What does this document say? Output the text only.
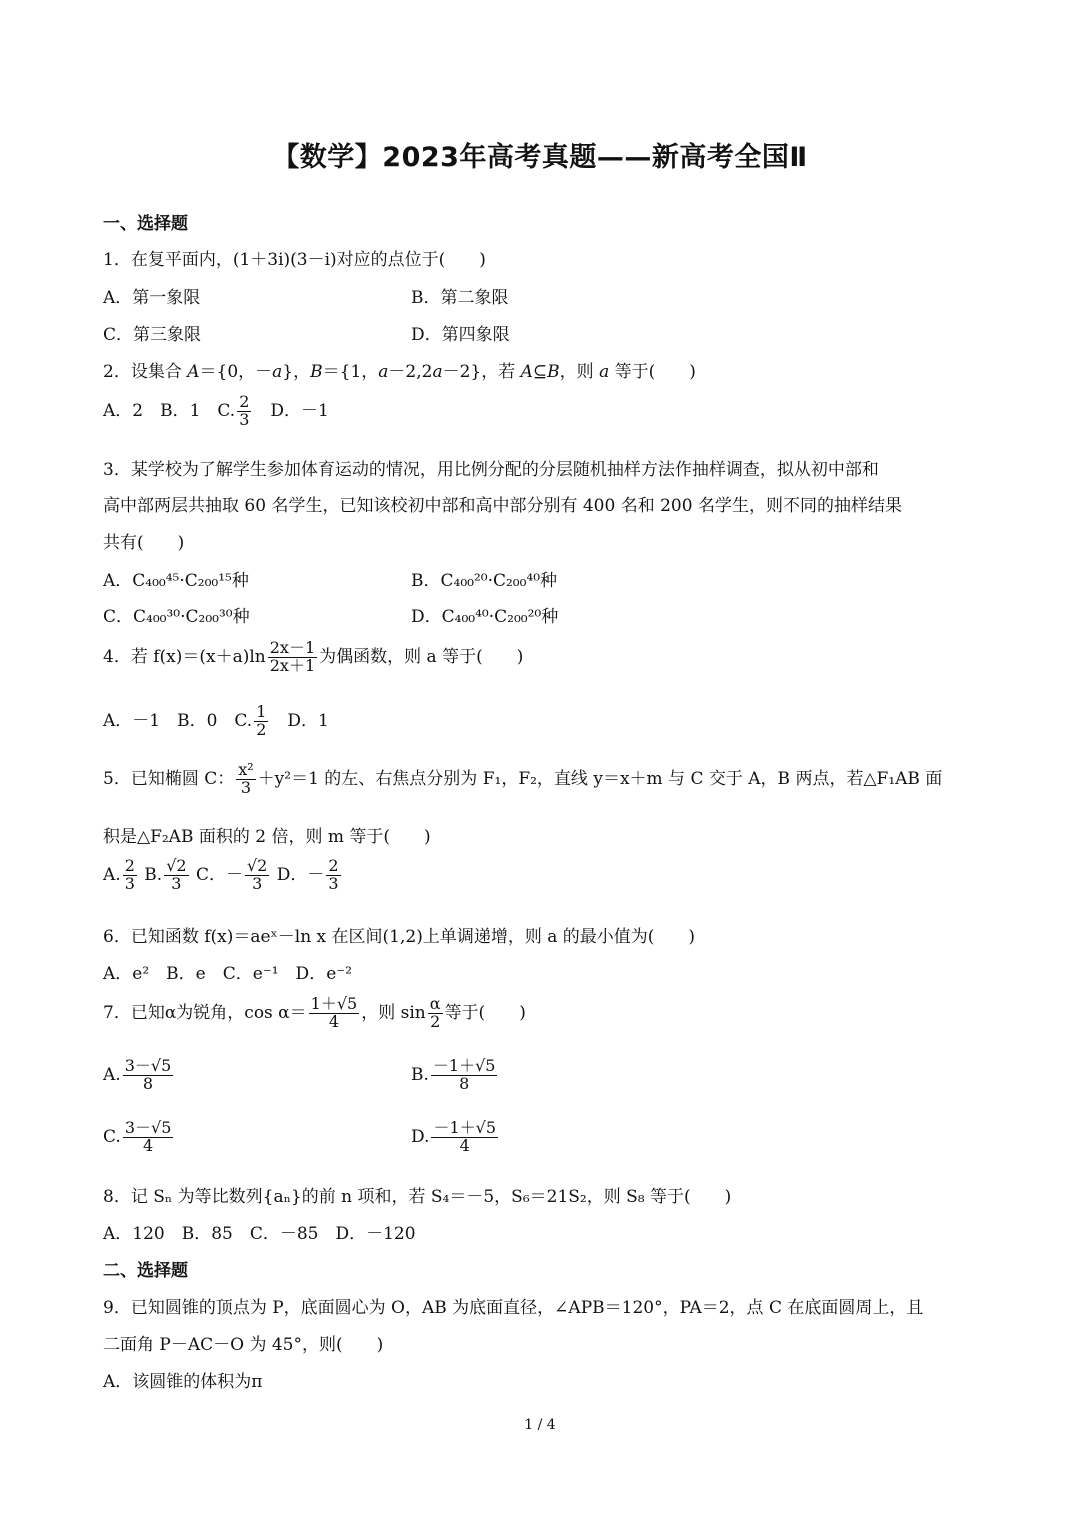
【数学】2023年高考真题——新高考全国Ⅱ
一、选择题
1．在复平面内，(1＋3i)(3－i)对应的点位于(　　)
A．第一象限	B．第二象限
C．第三象限	D．第四象限
2．设集合 A＝{0，－a}，B＝{1，a－2,2a－2}，若 A⊆B，则 a 等于(　　)
A．2　B．1　C. $\frac{2}{3}$ 　D．－1
3．某学校为了解学生参加体育运动的情况，用比例分配的分层随机抽样方法作抽样调查，拟从初中部和
高中部两层共抽取 60 名学生，已知该校初中部和高中部分别有 400 名和 200 名学生，则不同的抽样结果
共有(　　)
A．C₄₀₀⁴⁵·C₂₀₀¹⁵种	B．C₄₀₀²⁰·C₂₀₀⁴⁰种
C．C₄₀₀³⁰·C₂₀₀³⁰种	D．C₄₀₀⁴⁰·C₂₀₀²⁰种
4．若 $f(x)=(x+a)\ln \frac{2x-1}{2x+1}$ 为偶函数，则 a 等于(　　)
A．－1　B．0　C. $\frac{1}{2}$ 　D．1
5．已知椭圆 C： $\frac{\text{x²}}{3} +y^2=1$ 的左、右焦点分别为 F₁，F₂，直线 y＝x＋m 与 C 交于 A，B 两点，若△F₁AB 面
积是△F₂AB 面积的 2 倍，则 m 等于(　　)
A. $\frac{2}{3} B$. $\frac{√2}{3}$ C．－ $\frac{√2}{3}$ D．－ $\frac{2}{3}$
6．已知函数 f(x)＝aeˣ－ln x 在区间(1,2)上单调递增，则 a 的最小值为(　　)
A．e²　B．e　C．e⁻¹　D．e⁻²
7．已知α为锐角，$\cos \alpha= \frac{1+√5}{4}$ ，则 $\sin \frac{\alpha}{2}$ 等于(　　)
A. $\frac{3-√5}{8}$	B. $\frac{-1+√5}{8}$
C. $\frac{3-√5}{4}$	D. $\frac{-1+√5}{4}$
8．记 Sₙ 为等比数列{aₙ}的前 n 项和，若 S₄＝－5，S₆＝21S₂，则 S₈ 等于(　　)
A．120　B．85　C．－85　D．－120
二、选择题
9．已知圆锥的顶点为 P，底面圆心为 O，AB 为底面直径，∠APB＝120°，PA＝2，点 C 在底面圆周上，且
二面角 P－AC－O 为 45°，则(　　)
A．该圆锥的体积为π
1 / 4
